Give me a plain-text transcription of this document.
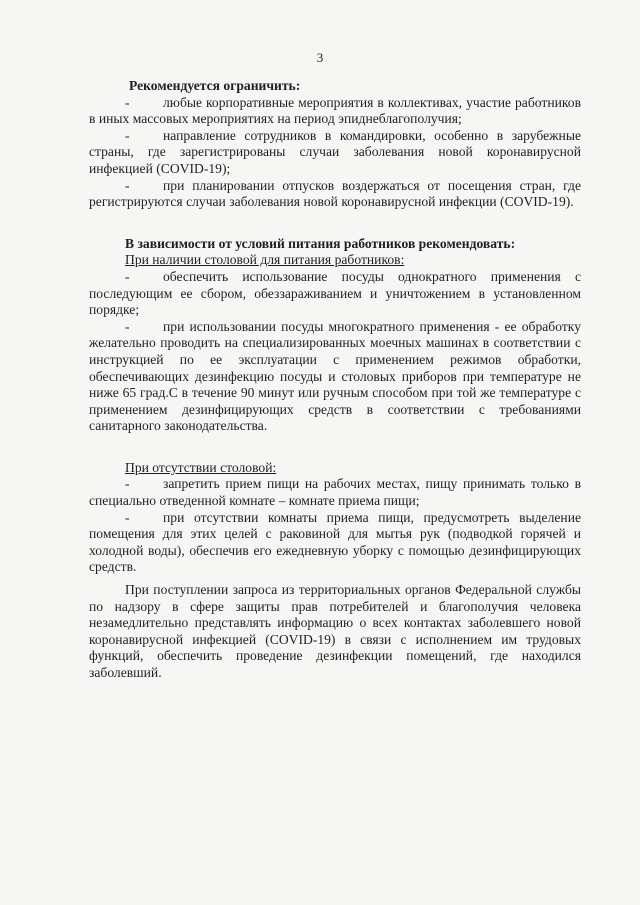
3

Рекомендуется ограничить:

- любые корпоративные мероприятия в коллективах, участие работников в иных массовых мероприятиях на период эпиднеблагополучия;

- направление сотрудников в командировки, особенно в зарубежные страны, где зарегистрированы случаи заболевания новой коронавирусной инфекцией (COVID-19);

- при планировании отпусков воздержаться от посещения стран, где регистрируются случаи заболевания новой коронавирусной инфекции (COVID-19).

В зависимости от условий питания работников рекомендовать:

При наличии столовой для питания работников:

- обеспечить использование посуды однократного применения с последующим ее сбором, обеззараживанием и уничтожением в установленном порядке;

- при использовании посуды многократного применения - ее обработку желательно проводить на специализированных моечных машинах в соответствии с инструкцией по ее эксплуатации с применением режимов обработки, обеспечивающих дезинфекцию посуды и столовых приборов при температуре не ниже 65 град.С в течение 90 минут или ручным способом при той же температуре с применением дезинфицирующих средств в соответствии с требованиями санитарного законодательства.

При отсутствии столовой:

- запретить прием пищи на рабочих местах, пищу принимать только в специально отведенной комнате – комнате приема пищи;

- при отсутствии комнаты приема пищи, предусмотреть выделение помещения для этих целей с раковиной для мытья рук (подводкой горячей и холодной воды), обеспечив его ежедневную уборку с помощью дезинфицирующих средств.

При поступлении запроса из территориальных органов Федеральной службы по надзору в сфере защиты прав потребителей и благополучия человека незамедлительно представлять информацию о всех контактах заболевшего новой коронавирусной инфекцией (COVID-19) в связи с исполнением им трудовых функций, обеспечить проведение дезинфекции помещений, где находился заболевший.
